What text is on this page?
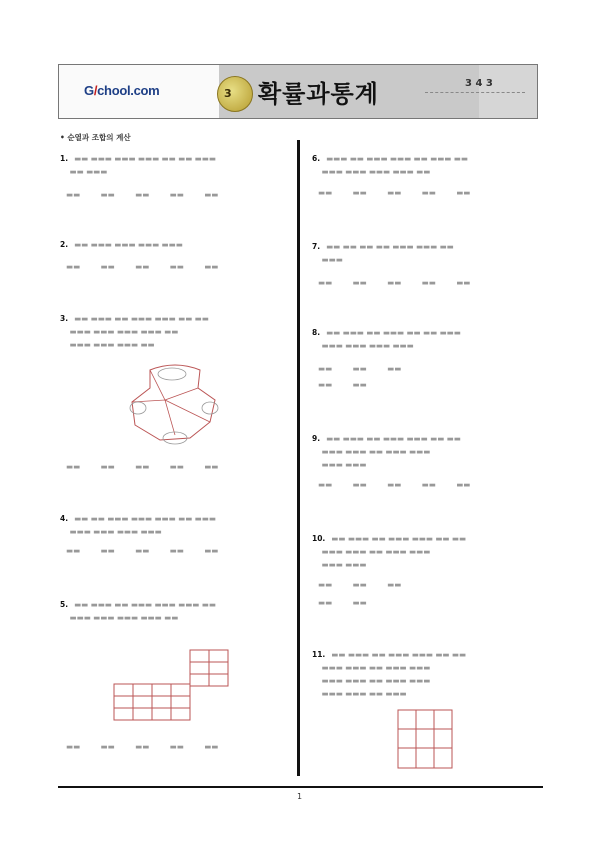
G/chool.com	3 확률과통계	3 4 3
• 순열과 조합의 계산
1. ▬▬ ▬▬▬ ▬▬▬ ▬▬▬ ▬▬ ▬▬ ▬▬▬
▬▬ ▬▬▬
▬▬ ▬▬ ▬▬ ▬▬ ▬▬
2. ▬▬ ▬▬▬ ▬▬▬ ▬▬▬ ▬▬▬
▬▬ ▬▬ ▬▬ ▬▬ ▬▬
3. ▬▬ ▬▬▬ ▬▬ ▬▬▬ ▬▬▬ ▬▬ ▬▬
▬▬▬ ▬▬▬ ▬▬▬ ▬▬▬ ▬▬
▬▬▬ ▬▬▬ ▬▬▬ ▬▬
▬▬ ▬▬ ▬▬ ▬▬ ▬▬
4. ▬▬ ▬▬ ▬▬▬ ▬▬▬ ▬▬▬ ▬▬ ▬▬▬
▬▬▬ ▬▬▬ ▬▬▬ ▬▬▬
▬▬ ▬▬ ▬▬ ▬▬ ▬▬
5. ▬▬ ▬▬▬ ▬▬ ▬▬▬ ▬▬▬ ▬▬▬ ▬▬
▬▬▬ ▬▬▬ ▬▬▬ ▬▬▬ ▬▬
▬▬ ▬▬ ▬▬ ▬▬ ▬▬
6. ▬▬▬ ▬▬ ▬▬▬ ▬▬▬ ▬▬ ▬▬▬ ▬▬
▬▬▬ ▬▬▬ ▬▬▬ ▬▬▬ ▬▬
▬▬ ▬▬ ▬▬ ▬▬ ▬▬
7. ▬▬ ▬▬ ▬▬ ▬▬ ▬▬▬ ▬▬▬ ▬▬
▬▬▬
▬▬ ▬▬ ▬▬ ▬▬ ▬▬
8. ▬▬ ▬▬▬ ▬▬ ▬▬▬ ▬▬ ▬▬ ▬▬▬
▬▬▬ ▬▬▬ ▬▬▬ ▬▬▬
▬▬ ▬▬ ▬▬
▬▬ ▬▬
9. ▬▬ ▬▬▬ ▬▬ ▬▬▬ ▬▬▬ ▬▬ ▬▬
▬▬▬ ▬▬▬ ▬▬ ▬▬▬ ▬▬▬
▬▬▬ ▬▬▬
▬▬ ▬▬ ▬▬ ▬▬ ▬▬
10. ▬▬ ▬▬▬ ▬▬ ▬▬▬ ▬▬▬ ▬▬ ▬▬
▬▬▬ ▬▬▬ ▬▬ ▬▬▬ ▬▬▬
▬▬▬ ▬▬▬
▬▬ ▬▬ ▬▬
▬▬ ▬▬
11. ▬▬ ▬▬▬ ▬▬ ▬▬▬ ▬▬▬ ▬▬ ▬▬
▬▬▬ ▬▬▬ ▬▬ ▬▬▬ ▬▬▬
▬▬▬ ▬▬▬ ▬▬ ▬▬▬ ▬▬▬
▬▬▬ ▬▬▬ ▬▬ ▬▬▬
1
